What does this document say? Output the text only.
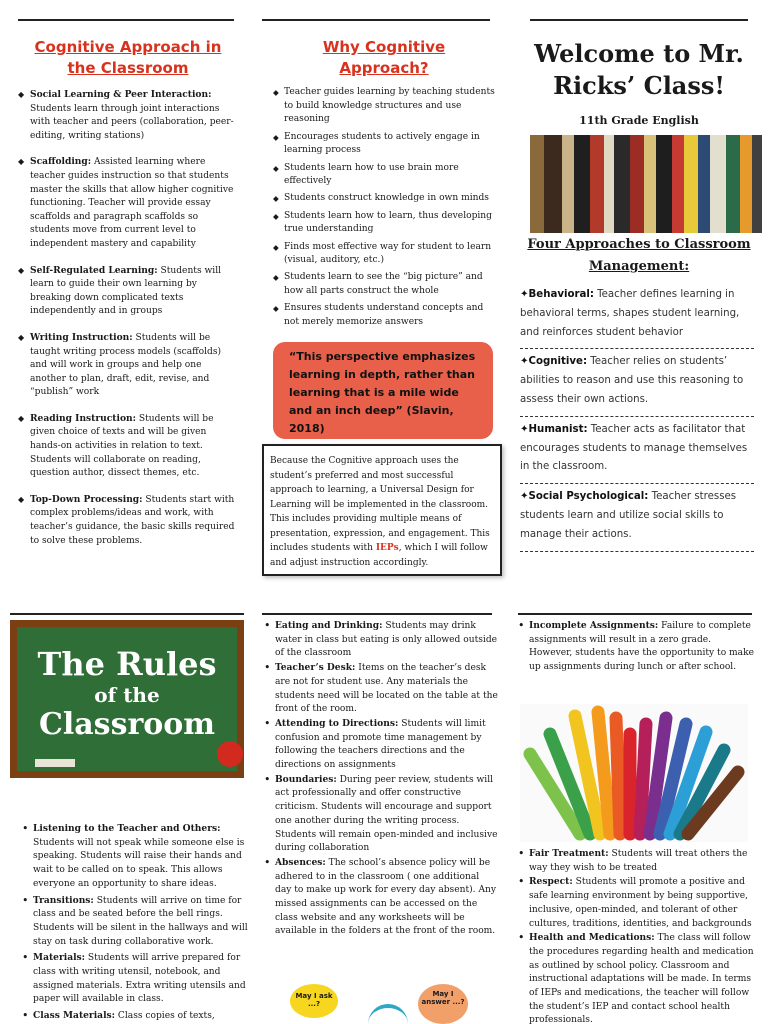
Cognitive Approach in
the Classroom
◆ Social Learning & Peer Interaction: Students learn through joint interactions with teacher and peers (collaboration, peer-editing, writing stations)
◆ Scaffolding: Assisted learning where teacher guides instruction so that students master the skills that allow higher cognitive functioning. Teacher will provide essay scaffolds and paragraph scaffolds so students move from current level to independent mastery and capability
◆ Self-Regulated Learning: Students will learn to guide their own learning by breaking down complicated texts independently and in groups
◆ Writing Instruction: Students will be taught writing process models (scaffolds) and will work in groups and help one another to plan, draft, edit, revise, and “publish” work
◆ Reading Instruction: Students will be given choice of texts and will be given hands-on activities in relation to text. Students will collaborate on reading, question author, dissect themes, etc.
◆ Top-Down Processing: Students start with complex problems/ideas and work, with teacher’s guidance, the basic skills required to solve these problems.
Why Cognitive
Approach?
◆ Teacher guides learning by teaching students to build knowledge structures and use reasoning
◆ Encourages students to actively engage in learning process
◆ Students learn how to use brain more effectively
◆ Students construct knowledge in own minds
◆ Students learn how to learn, thus developing true understanding
◆ Finds most effective way for student to learn (visual, auditory, etc.)
◆ Students learn to see the “big picture” and how all parts construct the whole
◆ Ensures students understand concepts and not merely memorize answers
“This perspective emphasizes learning in depth, rather than learning that is a mile wide and an inch deep” (Slavin, 2018)
Because the Cognitive approach uses the student’s preferred and most successful approach to learning, a Universal Design for Learning will be implemented in the classroom. This includes providing multiple means of presentation, expression, and engagement. This includes students with IEPs, which I will follow and adjust instruction accordingly.
Welcome to Mr.
Ricks’ Class!
11th Grade English
Four Approaches to Classroom
Management:
✦Behavioral: Teacher defines learning in behavioral terms, shapes student learning, and reinforces student behavior
✦Cognitive: Teacher relies on students’ abilities to reason and use this reasoning to assess their own actions.
✦Humanist: Teacher acts as facilitator that encourages students to manage themselves in the classroom.
✦Social Psychological: Teacher stresses students learn and utilize social skills to manage their actions.
The Rules
of the
Classroom
• Listening to the Teacher and Others: Students will not speak while someone else is speaking. Students will raise their hands and wait to be called on to speak. This allows everyone an opportunity to share ideas.
• Transitions: Students will arrive on time for class and be seated before the bell rings. Students will be silent in the hallways and will stay on task during collaborative work.
• Materials: Students will arrive prepared for class with writing utensil, notebook, and assigned materials. Extra writing utensils and paper will available in class.
• Class Materials: Class copies of texts,
• Eating and Drinking: Students may drink water in class but eating is only allowed outside of the classroom
• Teacher’s Desk: Items on the teacher’s desk are not for student use. Any materials the students need will be located on the table at the front of the room.
• Attending to Directions: Students will limit confusion and promote time management by following the teachers directions and the directions on assignments
• Boundaries: During peer review, students will act professionally and offer constructive criticism. Students will encourage and support one another during the writing process. Students will remain open-minded and inclusive during collaboration
• Absences: The school’s absence policy will be adhered to in the classroom ( one additional day to make up work for every day absent). Any missed assignments can be accessed on the class website and any worksheets will be available in the folders at the front of the room.
May I ask ...?
May I answer ...?
• Incomplete Assignments: Failure to complete assignments will result in a zero grade. However, students have the opportunity to make up assignments during lunch or after school.
• Fair Treatment: Students will treat others the way they wish to be treated
• Respect: Students will promote a positive and safe learning environment by being supportive, inclusive, open-minded, and tolerant of other cultures, traditions, identities, and backgrounds
• Health and Medications: The class will follow the procedures regarding health and medication as outlined by school policy. Classroom and instructional adaptations will be made. In terms of IEPs and medications, the teacher will follow the student’s IEP and contact school health professionals.
